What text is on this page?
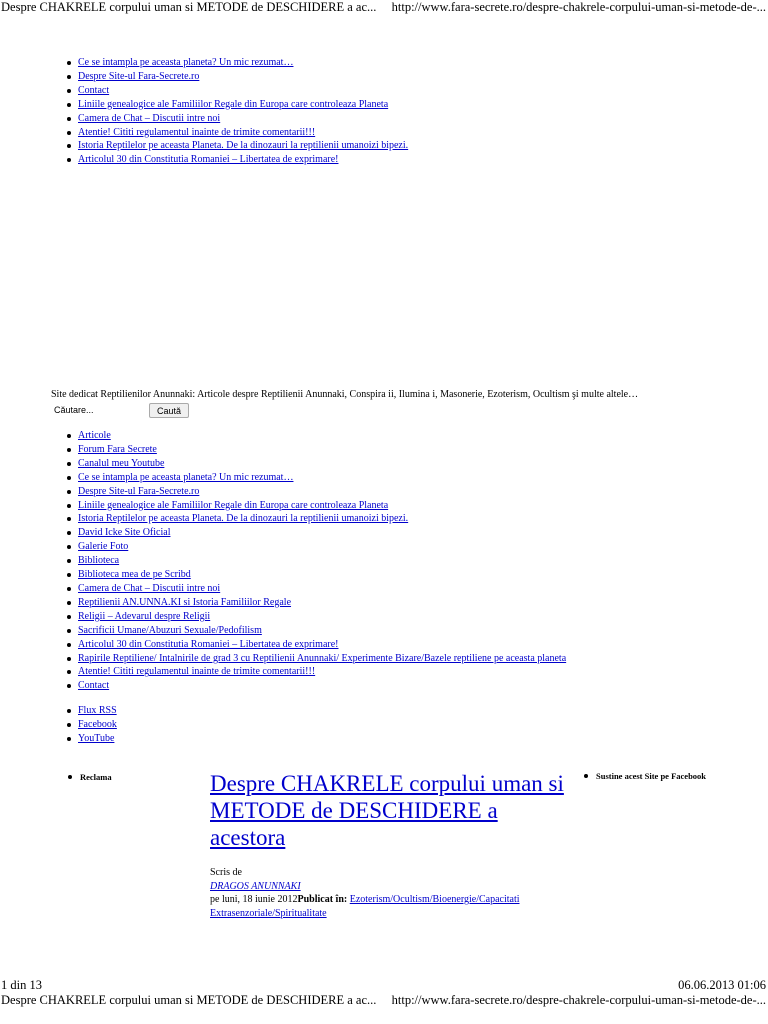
Despre CHAKRELE corpului uman si METODE de DESCHIDERE a ac... http://www.fara-secrete.ro/despre-chakrele-corpului-uman-si-metode-de-...
Ce se intampla pe aceasta planeta? Un mic rezumat…
Despre Site-ul Fara-Secrete.ro
Contact
Liniile genealogice ale Familiilor Regale din Europa care controleaza Planeta
Camera de Chat – Discutii intre noi
Atentie! Cititi regulamentul inainte de trimite comentarii!!!
Istoria Reptilelor pe aceasta Planeta. De la dinozauri la reptilienii umanoizi bipezi.
Articolul 30 din Constitutia Romaniei – Libertatea de exprimare!
Site dedicat Reptilienilor Anunnaki: Articole despre Reptilienii Anunnaki, Conspira ii, Ilumina i, Masonerie, Ezoterism, Ocultism şi multe altele…
Căutare...
Caută
Articole
Forum Fara Secrete
Canalul meu Youtube
Ce se intampla pe aceasta planeta? Un mic rezumat…
Despre Site-ul Fara-Secrete.ro
Liniile genealogice ale Familiilor Regale din Europa care controleaza Planeta
Istoria Reptilelor pe aceasta Planeta. De la dinozauri la reptilienii umanoizi bipezi.
David Icke Site Oficial
Galerie Foto
Biblioteca
Biblioteca mea de pe Scribd
Camera de Chat – Discutii intre noi
Reptilienii AN.UNNA.KI si Istoria Familiilor Regale
Religii – Adevarul despre Religii
Sacrificii Umane/Abuzuri Sexuale/Pedofilism
Articolul 30 din Constitutia Romaniei – Libertatea de exprimare!
Rapirile Reptiliene/ Intalnirile de grad 3 cu Reptilienii Anunnaki/ Experimente Bizare/Bazele reptiliene pe aceasta planeta
Atentie! Cititi regulamentul inainte de trimite comentarii!!!
Contact
Flux RSS
Facebook
YouTube
Reclama	Sustine acest Site pe Facebook
Despre CHAKRELE corpului uman si METODE de DESCHIDERE a acestora
Scris de
DRAGOS ANUNNAKI
pe luni, 18 iunie 2012Publicat în: Ezoterism/Ocultism/Bioenergie/Capacitati Extrasenzoriale/Spiritualitate
1 din 13	06.06.2013 01:06
Despre CHAKRELE corpului uman si METODE de DESCHIDERE a ac... http://www.fara-secrete.ro/despre-chakrele-corpului-uman-si-metode-de-...
